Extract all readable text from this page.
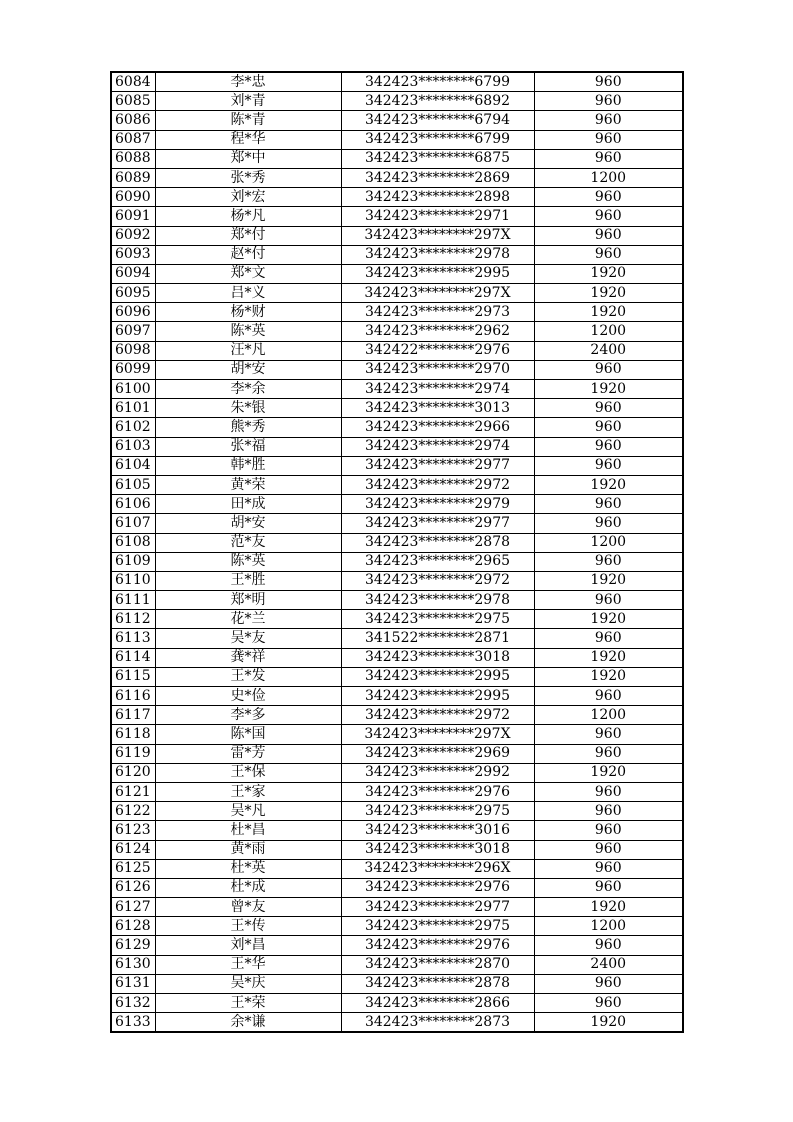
6084	李*忠	342423********6799	960
6085	刘*青	342423********6892	960
6086	陈*青	342423********6794	960
6087	程*华	342423********6799	960
6088	郑*中	342423********6875	960
6089	张*秀	342423********2869	1200
6090	刘*宏	342423********2898	960
6091	杨*凡	342423********2971	960
6092	郑*付	342423********297X	960
6093	赵*付	342423********2978	960
6094	郑*文	342423********2995	1920
6095	吕*义	342423********297X	1920
6096	杨*财	342423********2973	1920
6097	陈*英	342423********2962	1200
6098	汪*凡	342422********2976	2400
6099	胡*安	342423********2970	960
6100	李*余	342423********2974	1920
6101	朱*银	342423********3013	960
6102	熊*秀	342423********2966	960
6103	张*福	342423********2974	960
6104	韩*胜	342423********2977	960
6105	黄*荣	342423********2972	1920
6106	田*成	342423********2979	960
6107	胡*安	342423********2977	960
6108	范*友	342423********2878	1200
6109	陈*英	342423********2965	960
6110	王*胜	342423********2972	1920
6111	郑*明	342423********2978	960
6112	花*兰	342423********2975	1920
6113	吴*友	341522********2871	960
6114	龚*祥	342423********3018	1920
6115	王*发	342423********2995	1920
6116	史*俭	342423********2995	960
6117	李*多	342423********2972	1200
6118	陈*国	342423********297X	960
6119	雷*芳	342423********2969	960
6120	王*保	342423********2992	1920
6121	王*家	342423********2976	960
6122	吴*凡	342423********2975	960
6123	杜*昌	342423********3016	960
6124	黄*雨	342423********3018	960
6125	杜*英	342423********296X	960
6126	杜*成	342423********2976	960
6127	曾*友	342423********2977	1920
6128	王*传	342423********2975	1200
6129	刘*昌	342423********2976	960
6130	王*华	342423********2870	2400
6131	吴*庆	342423********2878	960
6132	王*荣	342423********2866	960
6133	余*谦	342423********2873	1920
